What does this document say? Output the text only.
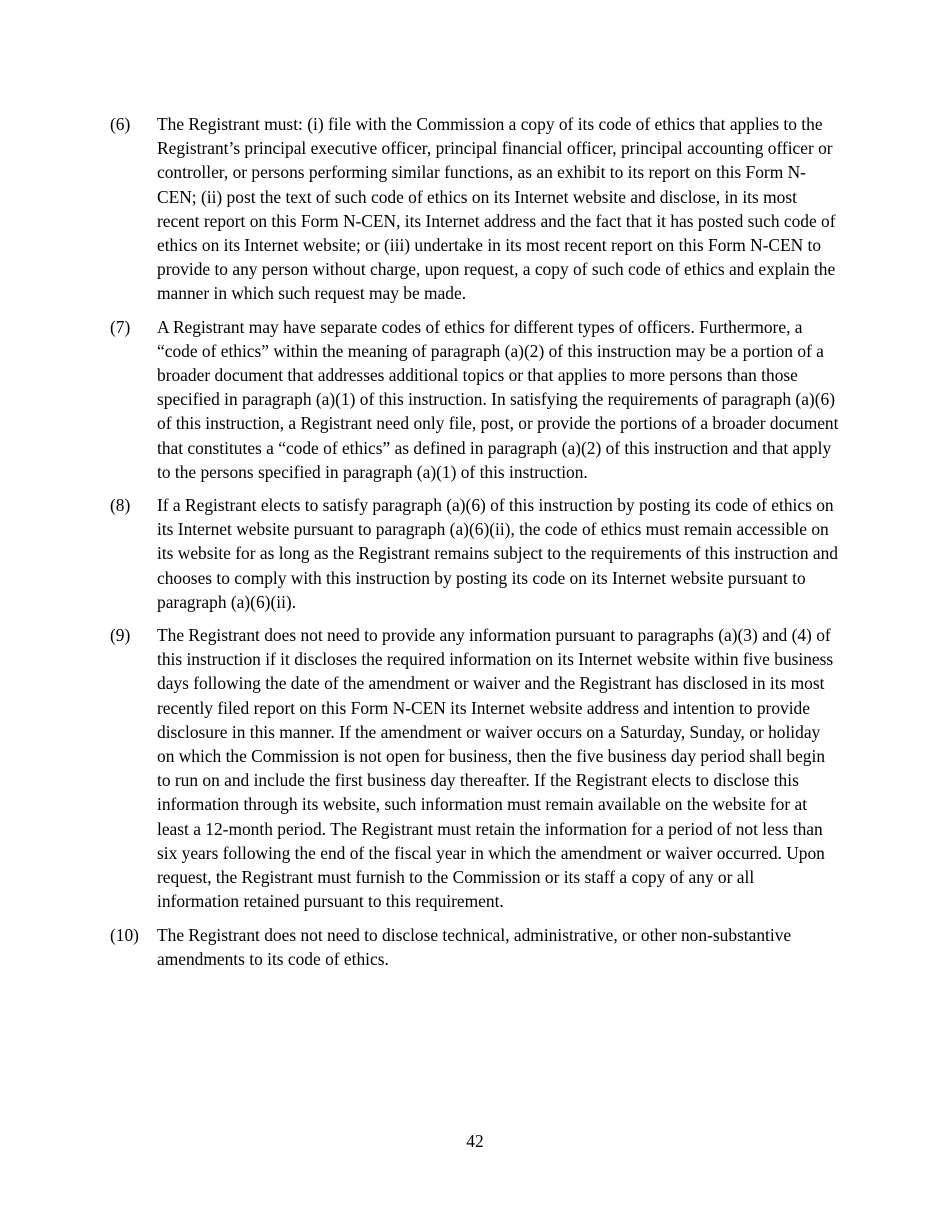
(6)	The Registrant must: (i) file with the Commission a copy of its code of ethics that applies to the Registrant’s principal executive officer, principal financial officer, principal accounting officer or controller, or persons performing similar functions, as an exhibit to its report on this Form N-CEN; (ii) post the text of such code of ethics on its Internet website and disclose, in its most recent report on this Form N-CEN, its Internet address and the fact that it has posted such code of ethics on its Internet website; or (iii) undertake in its most recent report on this Form N-CEN to provide to any person without charge, upon request, a copy of such code of ethics and explain the manner in which such request may be made.

(7)	A Registrant may have separate codes of ethics for different types of officers. Furthermore, a “code of ethics” within the meaning of paragraph (a)(2) of this instruction may be a portion of a broader document that addresses additional topics or that applies to more persons than those specified in paragraph (a)(1) of this instruction. In satisfying the requirements of paragraph (a)(6) of this instruction, a Registrant need only file, post, or provide the portions of a broader document that constitutes a “code of ethics” as defined in paragraph (a)(2) of this instruction and that apply to the persons specified in paragraph (a)(1) of this instruction.

(8)	If a Registrant elects to satisfy paragraph (a)(6) of this instruction by posting its code of ethics on its Internet website pursuant to paragraph (a)(6)(ii), the code of ethics must remain accessible on its website for as long as the Registrant remains subject to the requirements of this instruction and chooses to comply with this instruction by posting its code on its Internet website pursuant to paragraph (a)(6)(ii).

(9)	The Registrant does not need to provide any information pursuant to paragraphs (a)(3) and (4) of this instruction if it discloses the required information on its Internet website within five business days following the date of the amendment or waiver and the Registrant has disclosed in its most recently filed report on this Form N-CEN its Internet website address and intention to provide disclosure in this manner. If the amendment or waiver occurs on a Saturday, Sunday, or holiday on which the Commission is not open for business, then the five business day period shall begin to run on and include the first business day thereafter. If the Registrant elects to disclose this information through its website, such information must remain available on the website for at least a 12-month period. The Registrant must retain the information for a period of not less than six years following the end of the fiscal year in which the amendment or waiver occurred. Upon request, the Registrant must furnish to the Commission or its staff a copy of any or all information retained pursuant to this requirement.

(10)	The Registrant does not need to disclose technical, administrative, or other non-substantive amendments to its code of ethics.

42
